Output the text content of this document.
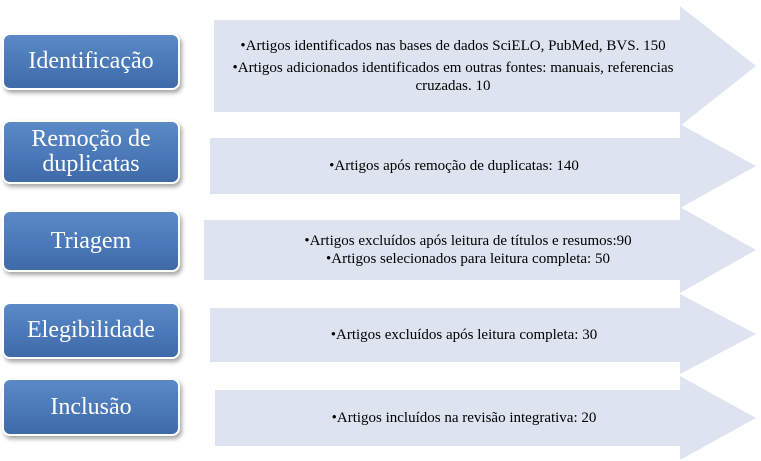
Identificação
Remoção de duplicatas
Triagem
Elegibilidade
Inclusão
•Artigos identificados nas bases de dados SciELO, PubMed, BVS. 150
•Artigos adicionados identificados em outras fontes: manuais, referencias cruzadas. 10
•Artigos após remoção de duplicatas: 140
•Artigos excluídos após leitura de títulos e resumos:90
•Artigos selecionados para leitura completa: 50
•Artigos excluídos após leitura completa: 30
•Artigos incluídos na revisão integrativa: 20
